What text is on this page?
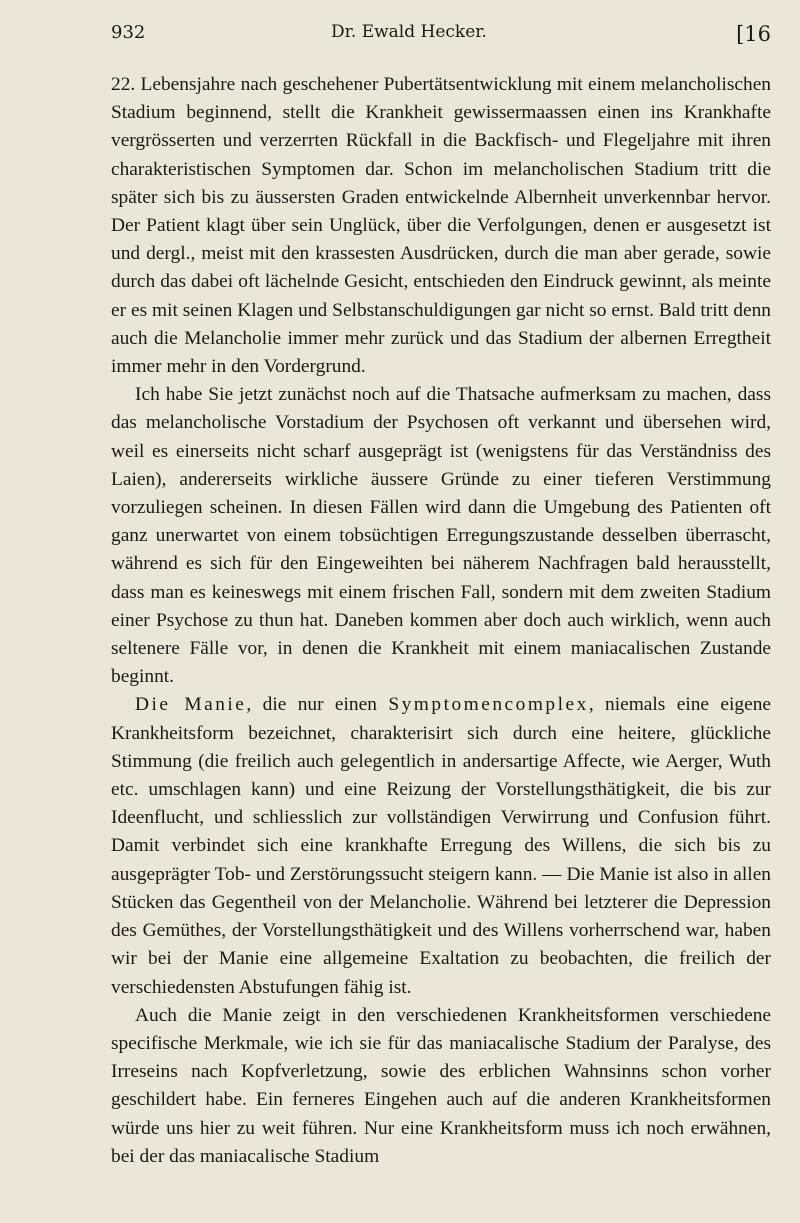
932	Dr. Ewald Hecker.	[16

22. Lebensjahre nach geschehener Pubertätsentwicklung mit einem melancholischen Stadium beginnend, stellt die Krankheit gewissermaassen einen ins Krankhafte vergrösserten und verzerrten Rückfall in die Backfisch- und Flegeljahre mit ihren charakteristischen Symptomen dar. Schon im melancholischen Stadium tritt die später sich bis zu äussersten Graden entwickelnde Albernheit unverkennbar hervor. Der Patient klagt über sein Unglück, über die Verfolgungen, denen er ausgesetzt ist und dergl., meist mit den krassesten Ausdrücken, durch die man aber gerade, sowie durch das dabei oft lächelnde Gesicht, entschieden den Eindruck gewinnt, als meinte er es mit seinen Klagen und Selbstanschuldigungen gar nicht so ernst. Bald tritt denn auch die Melancholie immer mehr zurück und das Stadium der albernen Erregtheit immer mehr in den Vordergrund.

Ich habe Sie jetzt zunächst noch auf die Thatsache aufmerksam zu machen, dass das melancholische Vorstadium der Psychosen oft verkannt und übersehen wird, weil es einerseits nicht scharf ausgeprägt ist (wenigstens für das Verständniss des Laien), andererseits wirkliche äussere Gründe zu einer tieferen Verstimmung vorzuliegen scheinen. In diesen Fällen wird dann die Umgebung des Patienten oft ganz unerwartet von einem tobsüchtigen Erregungszustande desselben überrascht, während es sich für den Eingeweihten bei näherem Nachfragen bald herausstellt, dass man es keineswegs mit einem frischen Fall, sondern mit dem zweiten Stadium einer Psychose zu thun hat. Daneben kommen aber doch auch wirklich, wenn auch seltenere Fälle vor, in denen die Krankheit mit einem maniacalischen Zustande beginnt.

Die Manie, die nur einen Symptomencomplex, niemals eine eigene Krankheitsform bezeichnet, charakterisirt sich durch eine heitere, glückliche Stimmung (die freilich auch gelegentlich in andersartige Affecte, wie Aerger, Wuth etc. umschlagen kann) und eine Reizung der Vorstellungsthätigkeit, die bis zur Ideenflucht, und schliesslich zur vollständigen Verwirrung und Confusion führt. Damit verbindet sich eine krankhafte Erregung des Willens, die sich bis zu ausgeprägter Tob- und Zerstörungssucht steigern kann. — Die Manie ist also in allen Stücken das Gegentheil von der Melancholie. Während bei letzterer die Depression des Gemüthes, der Vorstellungsthätigkeit und des Willens vorherrschend war, haben wir bei der Manie eine allgemeine Exaltation zu beobachten, die freilich der verschiedensten Abstufungen fähig ist.

Auch die Manie zeigt in den verschiedenen Krankheitsformen verschiedene specifische Merkmale, wie ich sie für das maniacalische Stadium der Paralyse, des Irreseins nach Kopfverletzung, sowie des erblichen Wahnsinns schon vorher geschildert habe. Ein ferneres Eingehen auch auf die anderen Krankheitsformen würde uns hier zu weit führen. Nur eine Krankheitsform muss ich noch erwähnen, bei der das maniacalische Stadium
